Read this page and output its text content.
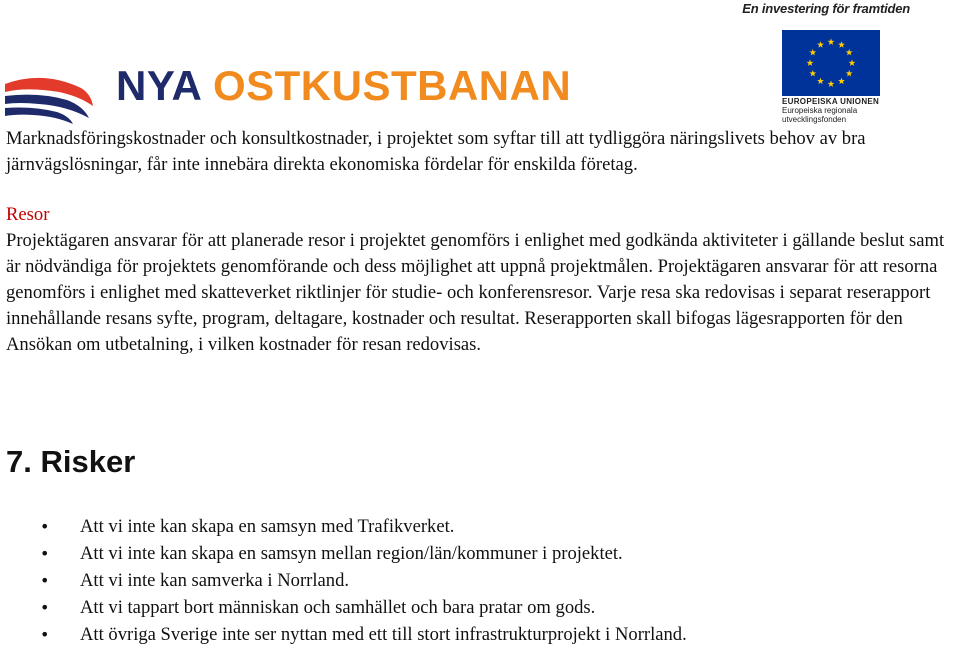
En investering för framtiden
NYA OSTKUSTBANAN	EUROPEISKA UNIONEN
Europeiska regionala
utvecklingsfonden

Marknadsföringskostnader och konsultkostnader, i projektet som syftar till att tydliggöra näringslivets behov av bra järnvägslösningar, får inte innebära direkta ekonomiska fördelar för enskilda företag.

Resor

Projektägaren ansvarar för att planerade resor i projektet genomförs i enlighet med godkända aktiviteter i gällande beslut samt är nödvändiga för projektets genomförande och dess möjlighet att uppnå projektmålen. Projektägaren ansvarar för att resorna genomförs i enlighet med skatteverket riktlinjer för studie- och konferensresor. Varje resa ska redovisas i separat reserapport innehållande resans syfte, program, deltagare, kostnader och resultat. Reserapporten skall bifogas lägesrapporten för den Ansökan om utbetalning, i vilken kostnader för resan redovisas.

7. Risker
• Att vi inte kan skapa en samsyn med Trafikverket.
• Att vi inte kan skapa en samsyn mellan region/län/kommuner i projektet.
• Att vi inte kan samverka i Norrland.
• Att vi tappart bort människan och samhället och bara pratar om gods.
• Att övriga Sverige inte ser nyttan med ett till stort infrastrukturprojekt i Norrland.
